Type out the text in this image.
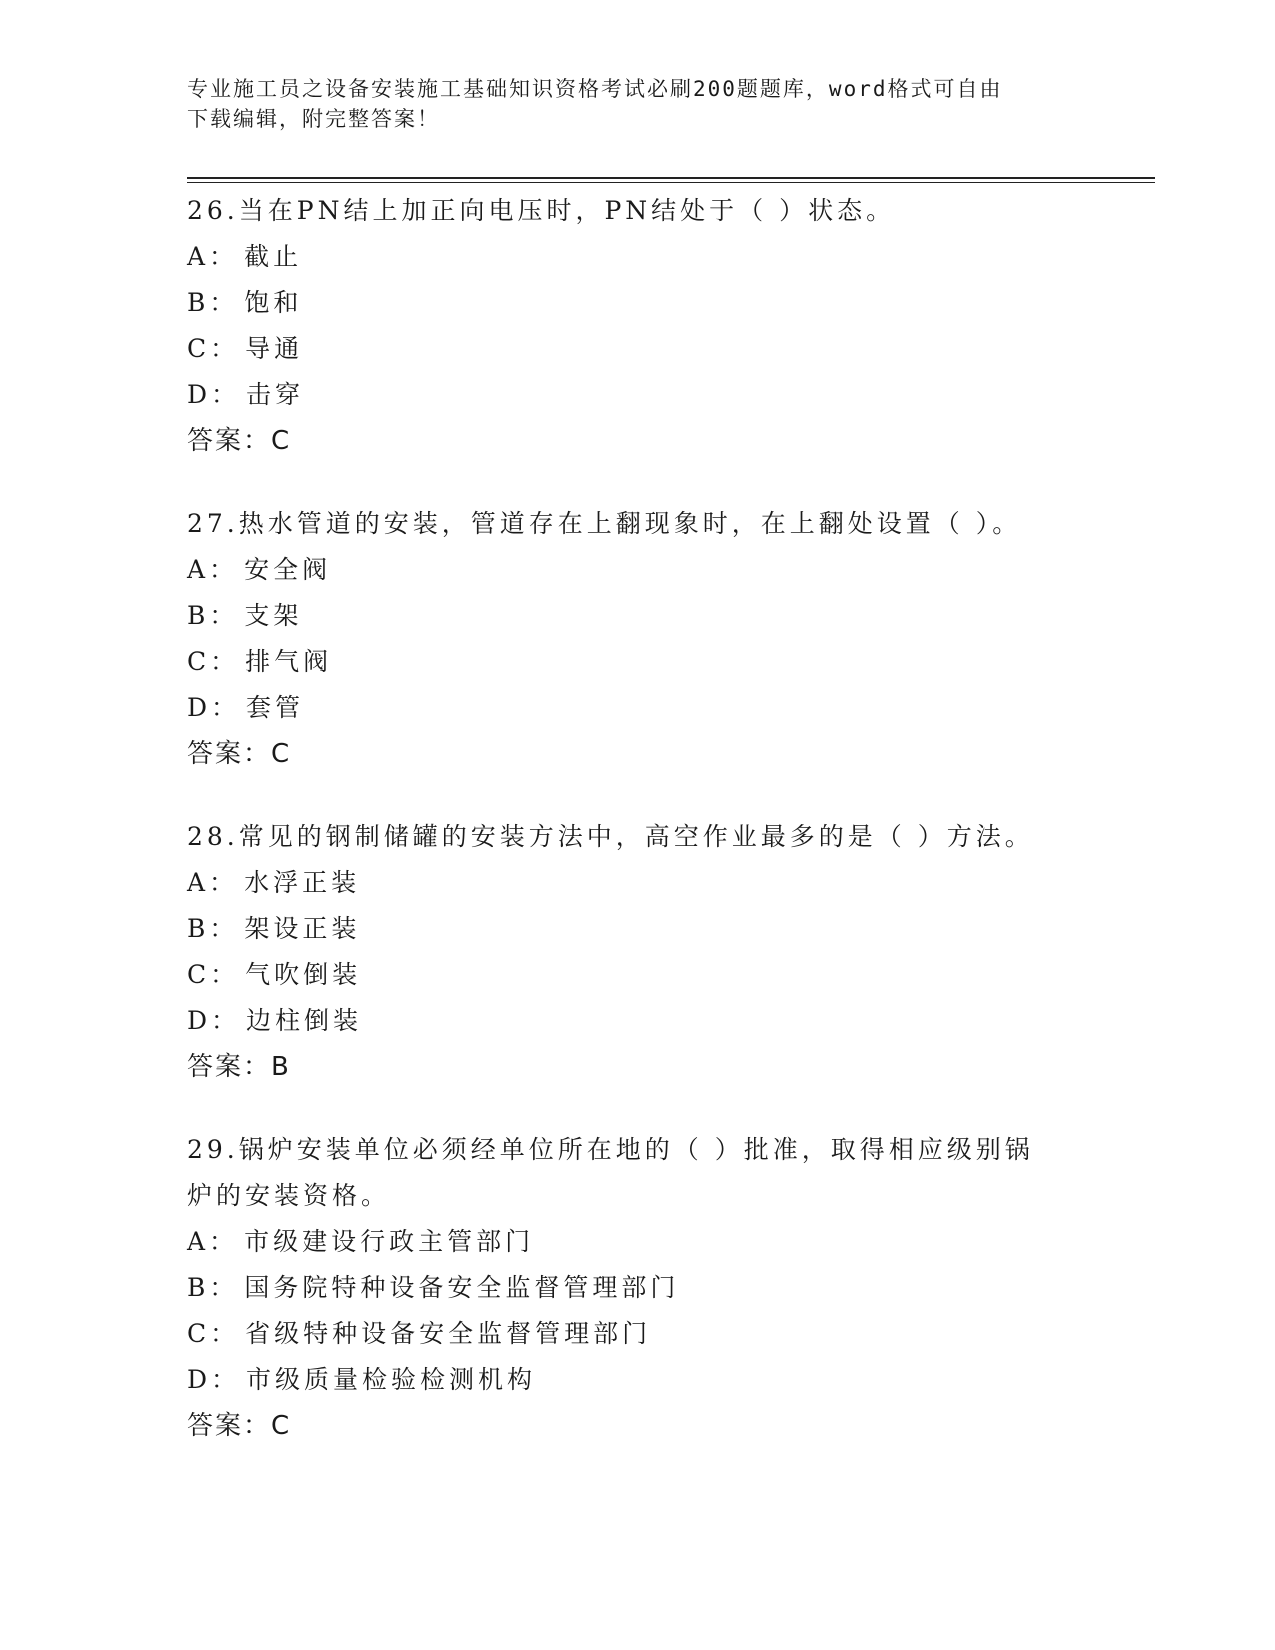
专业施工员之设备安装施工基础知识资格考试必刷200题题库，word格式可自由
下载编辑，附完整答案！
26.当在PN结上加正向电压时，PN结处于（ ）状态。
A： 截止
B： 饱和
C： 导通
D： 击穿
答案：C
27.热水管道的安装，管道存在上翻现象时，在上翻处设置（ ）。
A： 安全阀
B： 支架
C： 排气阀
D： 套管
答案：C
28.常见的钢制储罐的安装方法中，高空作业最多的是（ ）方法。
A： 水浮正装
B： 架设正装
C： 气吹倒装
D： 边柱倒装
答案：B
29.锅炉安装单位必须经单位所在地的（ ）批准，取得相应级别锅炉的安装资格。
A： 市级建设行政主管部门
B： 国务院特种设备安全监督管理部门
C： 省级特种设备安全监督管理部门
D： 市级质量检验检测机构
答案：C
